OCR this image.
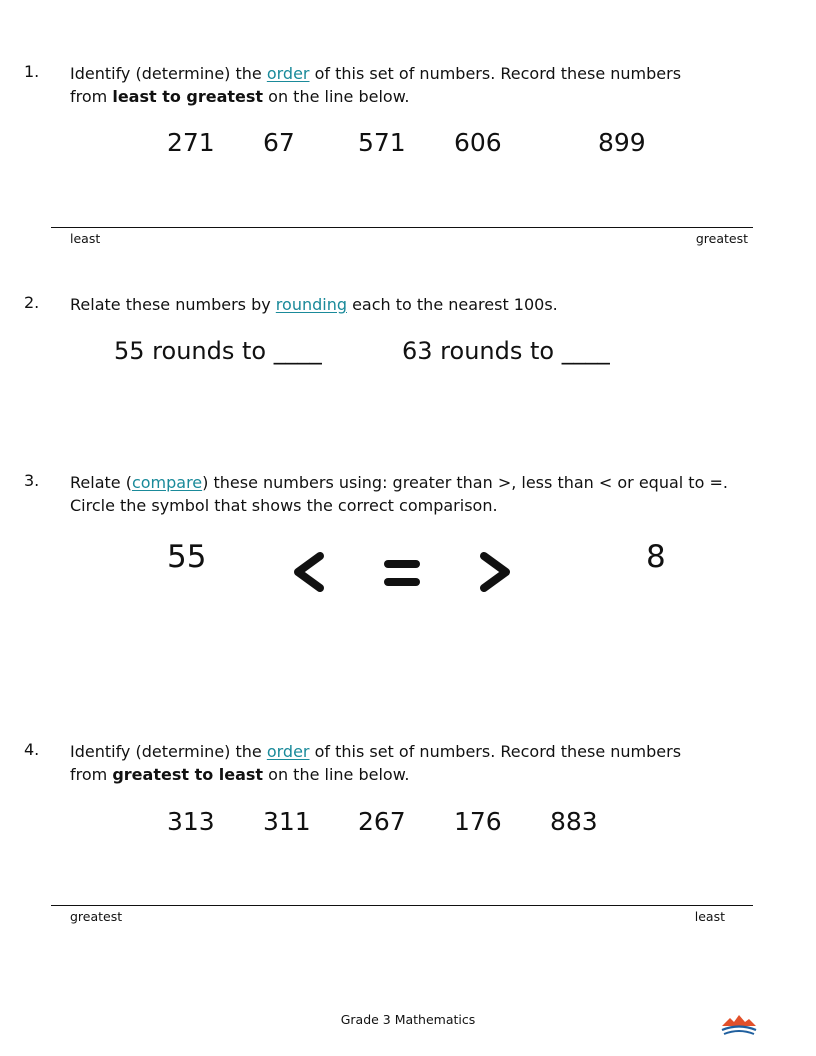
1. Identify (determine) the order of this set of numbers. Record these numbers
from least to greatest on the line below.
271 67	571 606	899
least	greatest
2. Relate these numbers by rounding each to the nearest 100s.
55 rounds to ____	63 rounds to ____
3. Relate (compare) these numbers using: greater than >, less than < or equal to =.
Circle the symbol that shows the correct comparison.
55	8
4. Identify (determine) the order of this set of numbers. Record these numbers
from greatest to least on the line below.
313 311 267 176 883
greatest	least
Grade 3 Mathematics
